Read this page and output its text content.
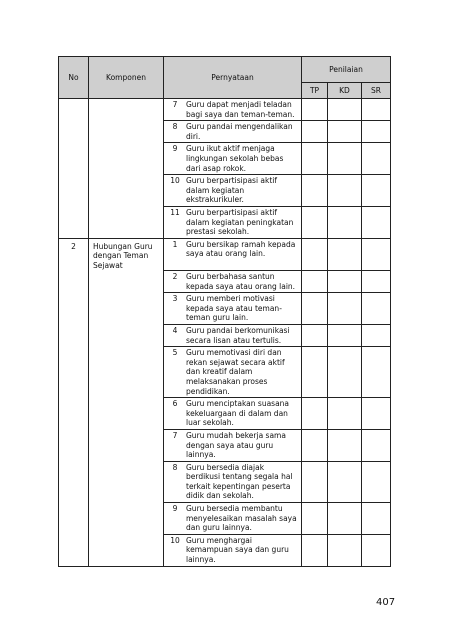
No	Komponen	Pernyataan	Penilaian		
			TP	KD	SR

		7 Guru dapat menjadi teladan bagi saya dan teman-teman.			

		8 Guru pandai mengendalikan diri.			

		9 Guru ikut aktif menjaga lingkungan sekolah bebas dari asap rokok.			

		10 Guru berpartisipasi aktif dalam kegiatan ekstrakurikuler.			

		11 Guru berpartisipasi aktif dalam kegiatan peningkatan prestasi sekolah.			

2	Hubungan Guru dengan Teman Sejawat	1 Guru bersikap ramah kepada saya atau orang lain.			

		2 Guru berbahasa santun kepada saya atau orang lain.			

		3 Guru memberi motivasi kepada saya atau teman-teman guru lain.			

		4 Guru pandai berkomunikasi secara lisan atau tertulis.			

		5 Guru memotivasi diri dan rekan sejawat secara aktif dan kreatif dalam melaksanakan proses pendidikan.			

		6 Guru menciptakan suasana kekeluargaan di dalam dan luar sekolah.			

		7 Guru mudah bekerja sama dengan saya atau guru lainnya.			

		8 Guru bersedia diajak berdikusi tentang segala hal terkait kepentingan peserta didik dan sekolah.			

		9 Guru bersedia membantu menyelesaikan masalah saya dan guru lainnya.			

		10 Guru menghargai kemampuan saya dan guru lainnya.			

407
